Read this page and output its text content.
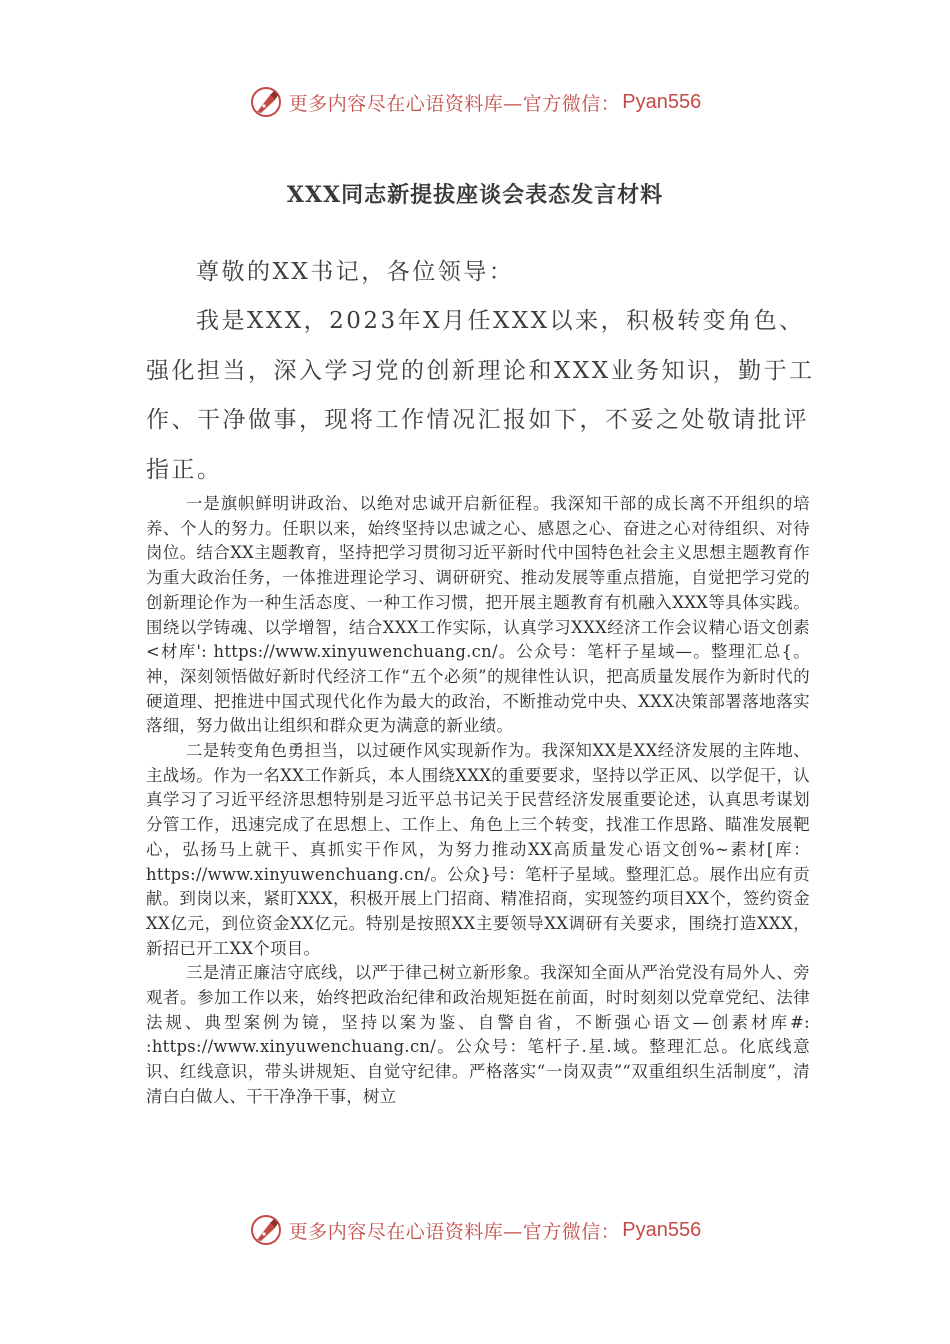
更多内容尽在心语资料库—官方微信： Pyan556
XXX同志新提拔座谈会表态发言材料
尊敬的XX书记，各位领导：
我是XXX，2023年X月任XXX以来，积极转变角色、强化担当，深入学习党的创新理论和XXX业务知识，勤于工作、干净做事，现将工作情况汇报如下，不妥之处敬请批评指正。

一是旗帜鲜明讲政治、以绝对忠诚开启新征程。我深知干部的成长离不开组织的培养、个人的努力。任职以来，始终坚持以忠诚之心、感恩之心、奋进之心对待组织、对待岗位。结合XX主题教育，坚持把学习贯彻习近平新时代中国特色社会主义思想主题教育作为重大政治任务，一体推进理论学习、调研研究、推动发展等重点措施，自觉把学习党的创新理论作为一种生活态度、一种工作习惯，把开展主题教育有机融入XXX等具体实践。围绕以学铸魂、以学增智，结合XXX工作实际，认真学习XXX经济工作会议精心语文创素<材库': https://www.xinyuwenchuang.cn/。公众号：笔杆子星域—。整理汇总{。神，深刻领悟做好新时代经济工作“五个必须”的规律性认识，把高质量发展作为新时代的硬道理、把推进中国式现代化作为最大的政治，不断推动党中央、XXX决策部署落地落实落细，努力做出让组织和群众更为满意的新业绩。

二是转变角色勇担当，以过硬作风实现新作为。我深知XX是XX经济发展的主阵地、主战场。作为一名XX工作新兵，本人围绕XXX的重要要求，坚持以学正风、以学促干，认真学习了习近平经济思想特别是习近平总书记关于民营经济发展重要论述，认真思考谋划分管工作，迅速完成了在思想上、工作上、角色上三个转变，找准工作思路、瞄准发展靶心，弘扬马上就干、真抓实干作风，为努力推动XX高质量发心语文创%~素材[库：https://www.xinyuwenchuang.cn/。公众}号：笔杆子星域。整理汇总。展作出应有贡献。到岗以来，紧盯XXX，积极开展上门招商、精准招商，实现签约项目XX个，签约资金XX亿元，到位资金XX亿元。特别是按照XX主要领导XX调研有关要求，围绕打造XXX，新招已开工XX个项目。

三是清正廉洁守底线，以严于律己树立新形象。我深知全面从严治党没有局外人、旁观者。参加工作以来，始终把政治纪律和政治规矩挺在前面，时时刻刻以党章党纪、法律法规、典型案例为镜，坚持以案为鉴、自警自省，不断强心语文—创素材库#: :https://www.xinyuwenchuang.cn/。公众号：笔杆子.星.域。整理汇总。化底线意识、红线意识，带头讲规矩、自觉守纪律。严格落实“一岗双责”“双重组织生活制度”，清清白白做人、干干净净干事，树立

更多内容尽在心语资料库—官方微信： Pyan556
